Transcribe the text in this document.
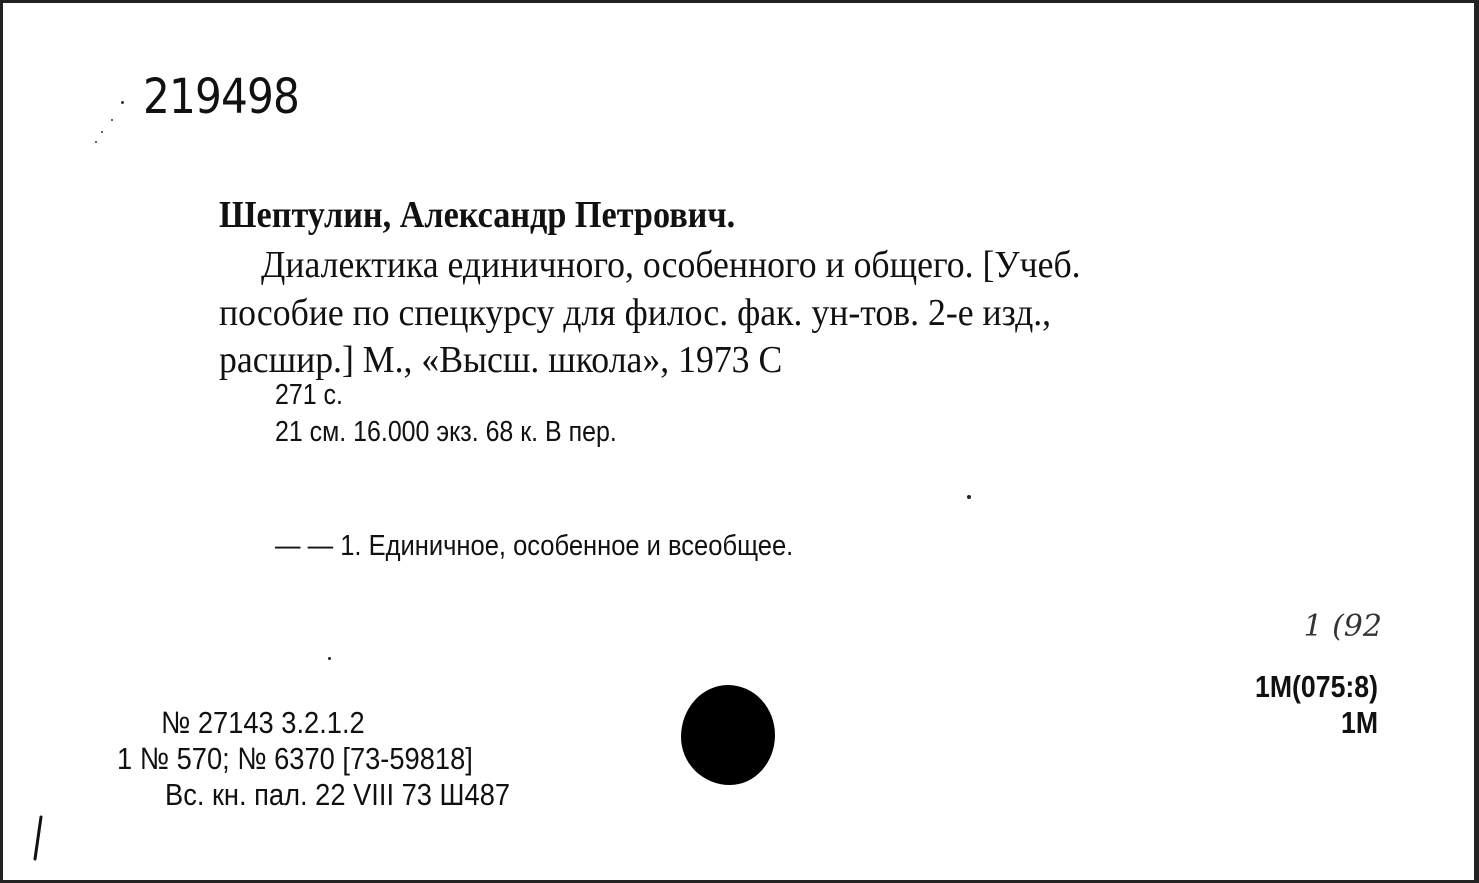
219498
Шептулин, Александр Петрович.
Диалектика единичного, особенного и общего. [Учеб.
пособие по спецкурсу для филос. фак. ун-тов. 2-е изд.,
расшир.] М., «Высш. школа», 1973 С
271 с.
21 см. 16.000 экз. 68 к. В пер.
— — 1. Единичное, особенное и всеобщее.
1 (92
1М(075:8)
1М
№ 27143 3.2.1.2
1 № 570; № 6370 [73-59818]
Вс. кн. пал. 22 VIII 73 Ш487
